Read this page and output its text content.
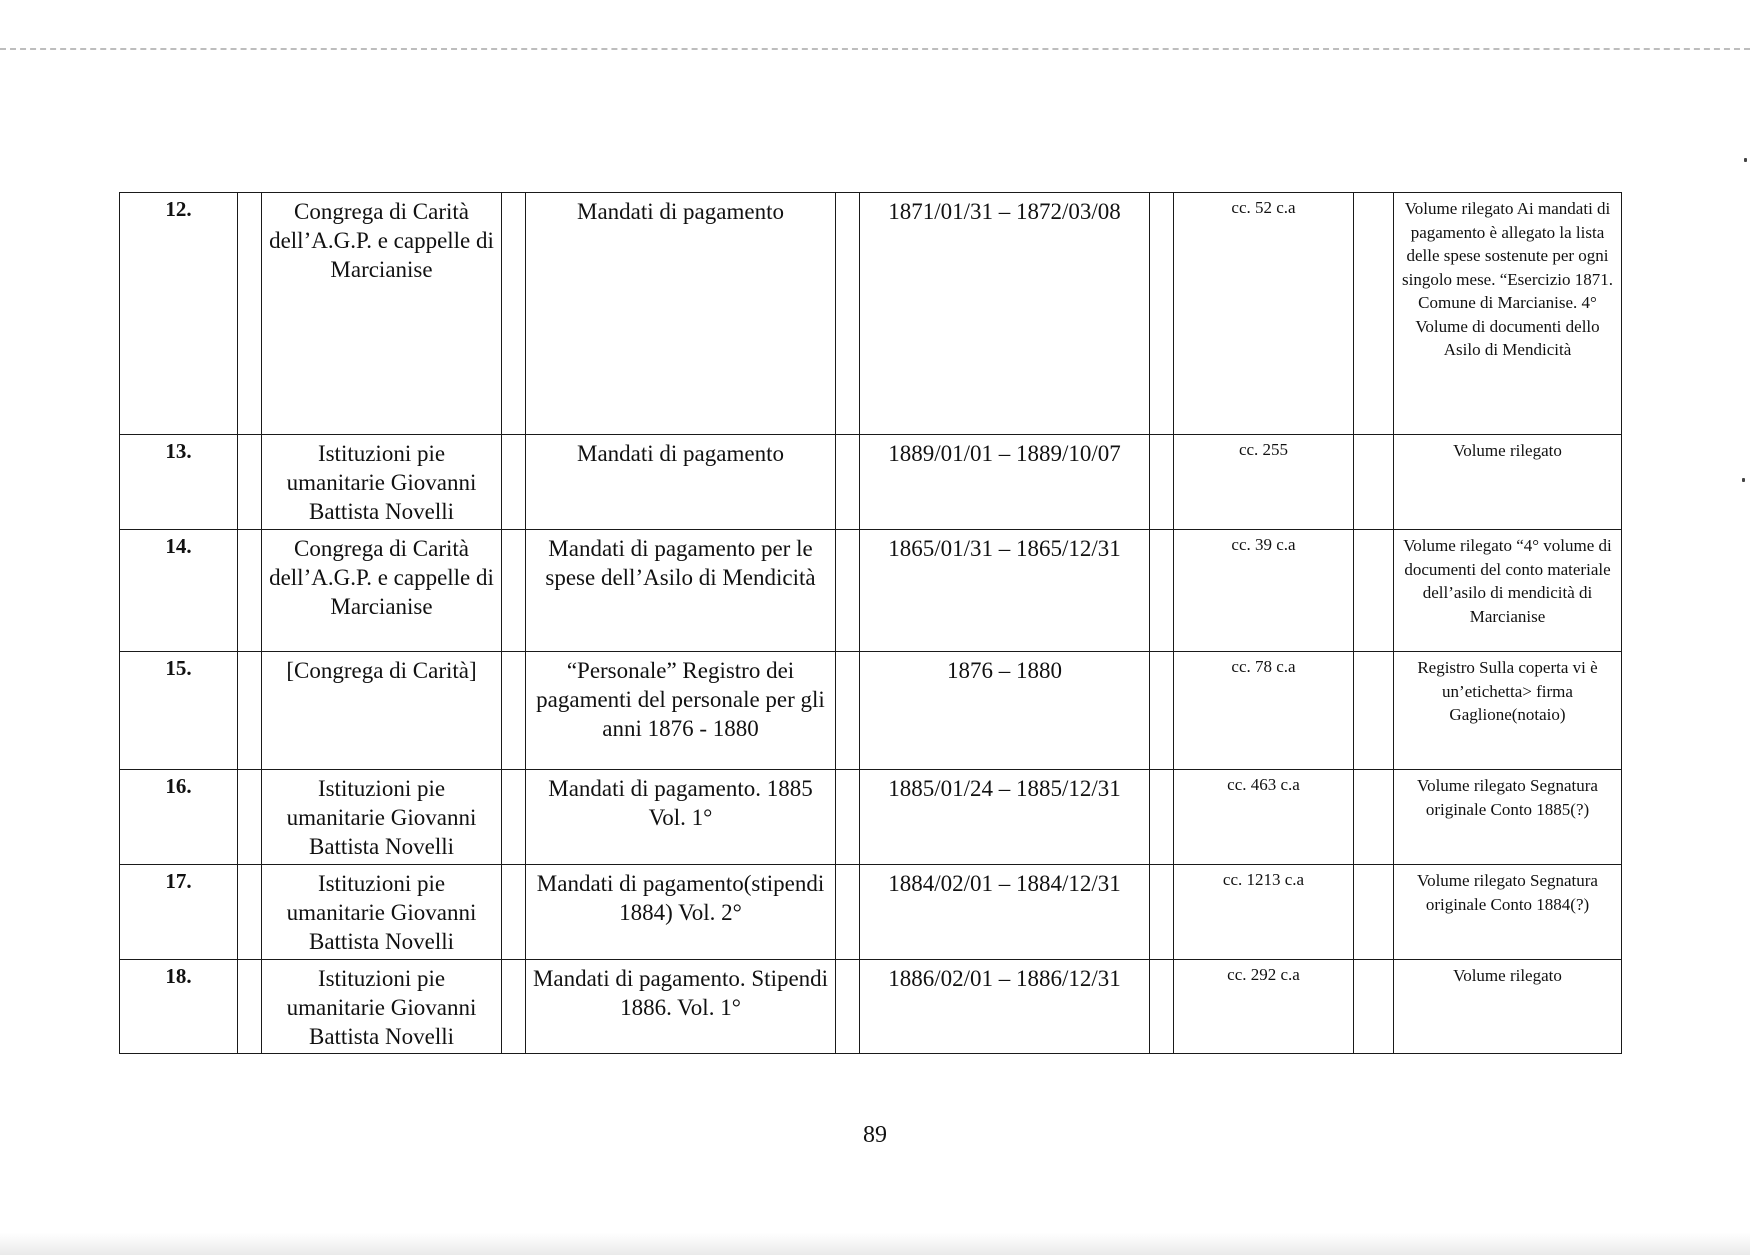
12.		Congrega di Carità dell’A.G.P. e cappelle di Marcianise		Mandati di pagamento		1871/01/31 – 1872/03/08		cc. 52 c.a		Volume rilegato Ai mandati di pagamento è allegato la lista delle spese sostenute per ogni singolo mese. “Esercizio 1871. Comune di Marcianise. 4° Volume di documenti dello Asilo di Mendicità
13.		Istituzioni pie umanitarie Giovanni Battista Novelli		Mandati di pagamento		1889/01/01 – 1889/10/07		cc. 255		Volume rilegato
14.		Congrega di Carità dell’A.G.P. e cappelle di Marcianise		Mandati di pagamento per le spese dell’Asilo di Mendicità		1865/01/31 – 1865/12/31		cc. 39 c.a		Volume rilegato “4° volume di documenti del conto materiale dell’asilo di mendicità di Marcianise
15.		[Congrega di Carità]		“Personale” Registro dei pagamenti del personale per gli anni 1876 - 1880		1876 – 1880		cc. 78 c.a		Registro Sulla coperta vi è un’etichetta> firma Gaglione(notaio)
16.		Istituzioni pie umanitarie Giovanni Battista Novelli		Mandati di pagamento. 1885 Vol. 1°		1885/01/24 – 1885/12/31		cc. 463 c.a		Volume rilegato Segnatura originale Conto 1885(?)
17.		Istituzioni pie umanitarie Giovanni Battista Novelli		Mandati di pagamento(stipendi 1884) Vol. 2°		1884/02/01 – 1884/12/31		cc. 1213 c.a		Volume rilegato Segnatura originale Conto 1884(?)
18.		Istituzioni pie umanitarie Giovanni Battista Novelli		Mandati di pagamento. Stipendi 1886. Vol. 1°		1886/02/01 – 1886/12/31		cc. 292 c.a		Volume rilegato
89
